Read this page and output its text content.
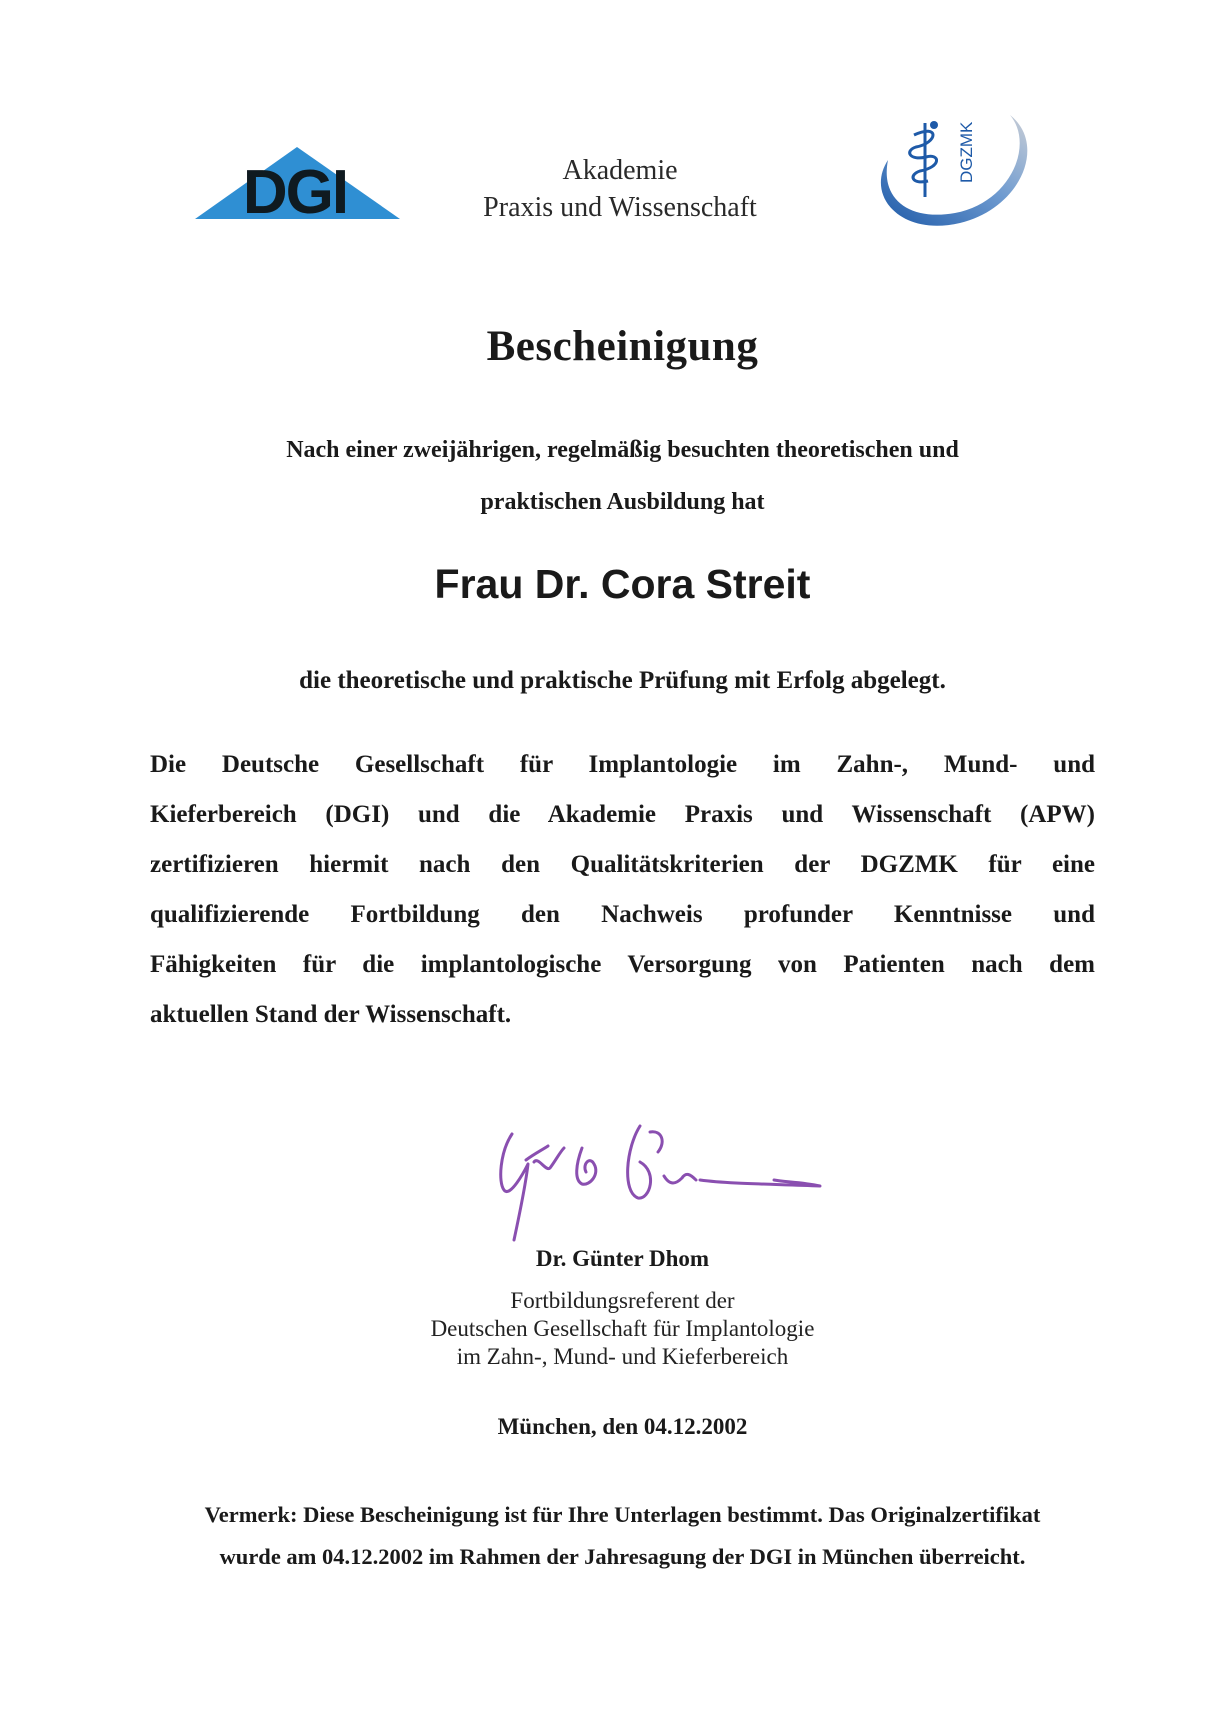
DGI	Akademie
Praxis und Wissenschaft
DGZMK
Bescheinigung
Nach einer zweijährigen, regelmäßig besuchten theoretischen und
praktischen Ausbildung hat
Frau Dr. Cora Streit
die theoretische und praktische Prüfung mit Erfolg abgelegt.
Die Deutsche Gesellschaft für Implantologie im Zahn-, Mund- und
Kieferbereich (DGI) und die Akademie Praxis und Wissenschaft (APW)
zertifizieren hiermit nach den Qualitätskriterien der DGZMK für eine
qualifizierende Fortbildung den Nachweis profunder Kenntnisse und
Fähigkeiten für die implantologische Versorgung von Patienten nach dem
aktuellen Stand der Wissenschaft.
Dr. Günter Dhom
Fortbildungsreferent der
Deutschen Gesellschaft für Implantologie
im Zahn-, Mund- und Kieferbereich
München, den 04.12.2002
Vermerk: Diese Bescheinigung ist für Ihre Unterlagen bestimmt. Das Originalzertifikat
wurde am 04.12.2002 im Rahmen der Jahresagung der DGI in München überreicht.
